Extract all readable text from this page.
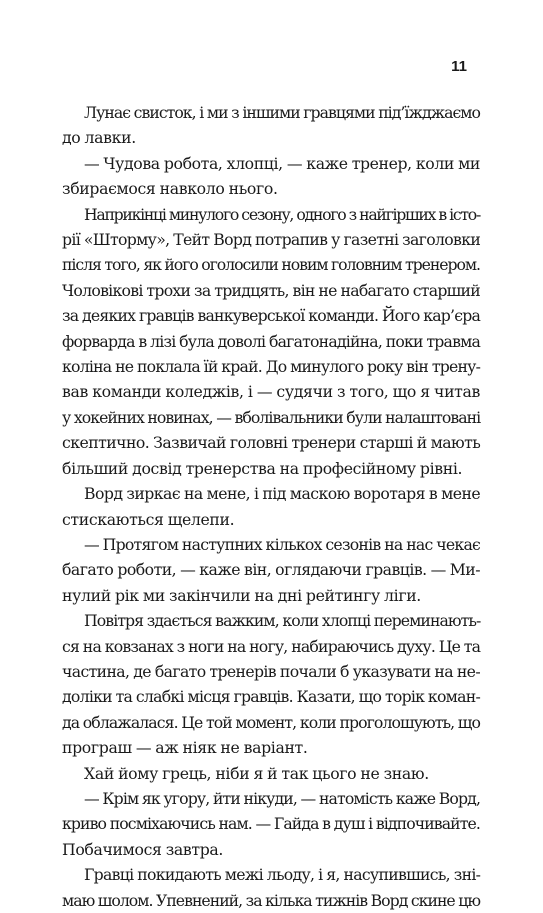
11
Лунає свисток, і ми з іншими гравцями під’їжджаємо
до лавки.
— Чудова робота, хлопці, — каже тренер, коли ми
збираємося навколо нього.
Наприкінці минулого сезону, одного з найгірших в істо-
рії «Шторму», Тейт Ворд потрапив у газетні заголовки
після того, як його оголосили новим головним тренером.
Чоловікові трохи за тридцять, він не набагато старший
за деяких гравців ванкуверської команди. Його кар’єра
форварда в лізі була доволі багатонадійна, поки травма
коліна не поклала їй край. До минулого року він трену-
вав команди коледжів, і — судячи з того, що я читав
у хокейних новинах, — вболівальники були налаштовані
скептично. Зазвичай головні тренери старші й мають
більший досвід тренерства на професійному рівні.
Ворд зиркає на мене, і під маскою воротаря в мене
стискаються щелепи.
— Протягом наступних кількох сезонів на нас чекає
багато роботи, — каже він, оглядаючи гравців. — Ми-
нулий рік ми закінчили на дні рейтингу ліги.
Повітря здається важким, коли хлопці переминають-
ся на ковзанах з ноги на ногу, набираючись духу. Це та
частина, де багато тренерів почали б указувати на не-
доліки та слабкі місця гравців. Казати, що торік коман-
да облажалася. Це той момент, коли проголошують, що
програш — аж ніяк не варіант.
Хай йому грець, ніби я й так цього не знаю.
— Крім як угору, йти нікуди, — натомість каже Ворд,
криво посміхаючись нам. — Гайда в душ і відпочивайте.
Побачимося завтра.
Гравці покидають межі льоду, і я, насупившись, зні-
маю шолом. Упевнений, за кілька тижнів Ворд скине цю
